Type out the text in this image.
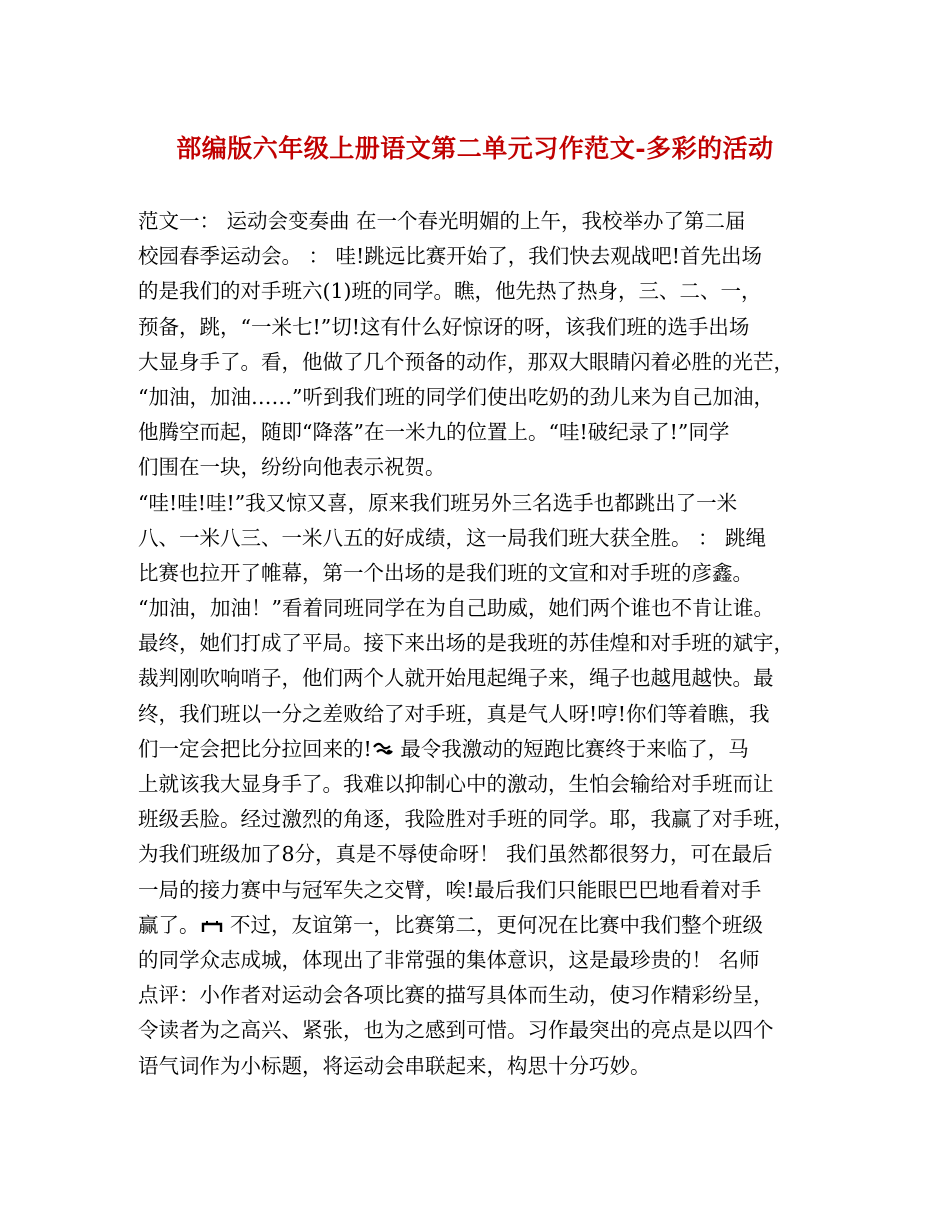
部编版六年级上册语文第二单元习作范文-多彩的活动
范文一： 运动会变奏曲 在一个春光明媚的上午，我校举办了第二届
校园春季运动会。 ： 哇!跳远比赛开始了，我们快去观战吧!首先出场
的是我们的对手班六(1)班的同学。瞧，他先热了热身，三、二、一，
预备，跳，“一米七!”切!这有什么好惊讶的呀，该我们班的选手出场
大显身手了。看，他做了几个预备的动作，那双大眼睛闪着必胜的光芒，
“加油，加油……”听到我们班的同学们使出吃奶的劲儿来为自己加油，
他腾空而起，随即“降落”在一米九的位置上。“哇!破纪录了!”同学
们围在一块，纷纷向他表示祝贺。
“哇!哇!哇!”我又惊又喜，原来我们班另外三名选手也都跳出了一米
八、一米八三、一米八五的好成绩，这一局我们班大获全胜。 ： 跳绳
比赛也拉开了帷幕，第一个出场的是我们班的文宣和对手班的彦鑫。
“加油，加油！”看着同班同学在为自己助威，她们两个谁也不肯让谁。
最终，她们打成了平局。接下来出场的是我班的苏佳煌和对手班的斌宇，
裁判刚吹响哨子，他们两个人就开始甩起绳子来，绳子也越甩越快。最
终，我们班以一分之差败给了对手班，真是气人呀!哼!你们等着瞧，我
们一定会把比分拉回来的! 最令我激动的短跑比赛终于来临了，马
上就该我大显身手了。我难以抑制心中的激动，生怕会输给对手班而让
班级丢脸。经过激烈的角逐，我险胜对手班的同学。耶，我赢了对手班，
为我们班级加了8分，真是不辱使命呀！ 我们虽然都很努力，可在最后
一局的接力赛中与冠军失之交臂，唉!最后我们只能眼巴巴地看着对手
赢了。 不过，友谊第一，比赛第二，更何况在比赛中我们整个班级
的同学众志成城，体现出了非常强的集体意识，这是最珍贵的！ 名师
点评：小作者对运动会各项比赛的描写具体而生动，使习作精彩纷呈，
令读者为之高兴、紧张，也为之感到可惜。习作最突出的亮点是以四个
语气词作为小标题，将运动会串联起来，构思十分巧妙。
